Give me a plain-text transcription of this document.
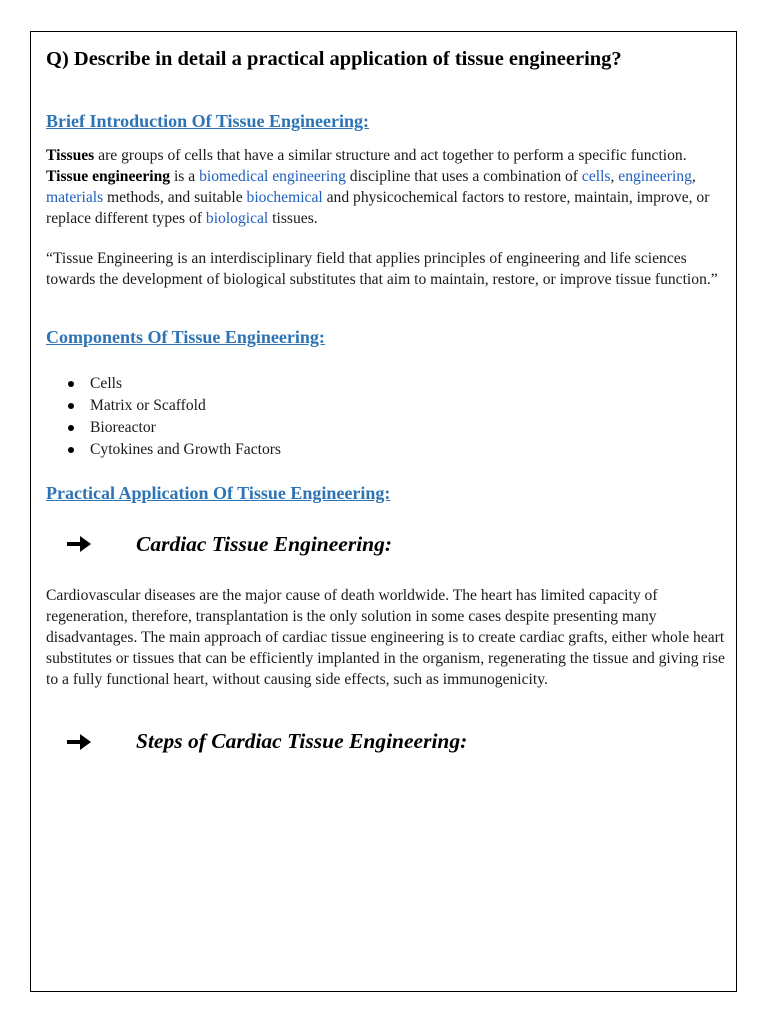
Q) Describe in detail a practical application of tissue engineering?
Brief Introduction Of Tissue Engineering:

Tissues are groups of cells that have a similar structure and act together to perform a specific function. Tissue engineering is a biomedical engineering discipline that uses a combination of cells, engineering, materials methods, and suitable biochemical and physicochemical factors to restore, maintain, improve, or replace different types of biological tissues.

“Tissue Engineering is an interdisciplinary field that applies principles of engineering and life sciences towards the development of biological substitutes that aim to maintain, restore, or improve tissue function.”

Components Of Tissue Engineering:
Cells
Matrix or Scaffold
Bioreactor
Cytokines and Growth Factors
Practical Application Of Tissue Engineering:
Cardiac Tissue Engineering:

Cardiovascular diseases are the major cause of death worldwide. The heart has limited capacity of regeneration, therefore, transplantation is the only solution in some cases despite presenting many disadvantages. The main approach of cardiac tissue engineering is to create cardiac grafts, either whole heart substitutes or tissues that can be efficiently implanted in the organism, regenerating the tissue and giving rise to a fully functional heart, without causing side effects, such as immunogenicity.

Steps of Cardiac Tissue Engineering:
